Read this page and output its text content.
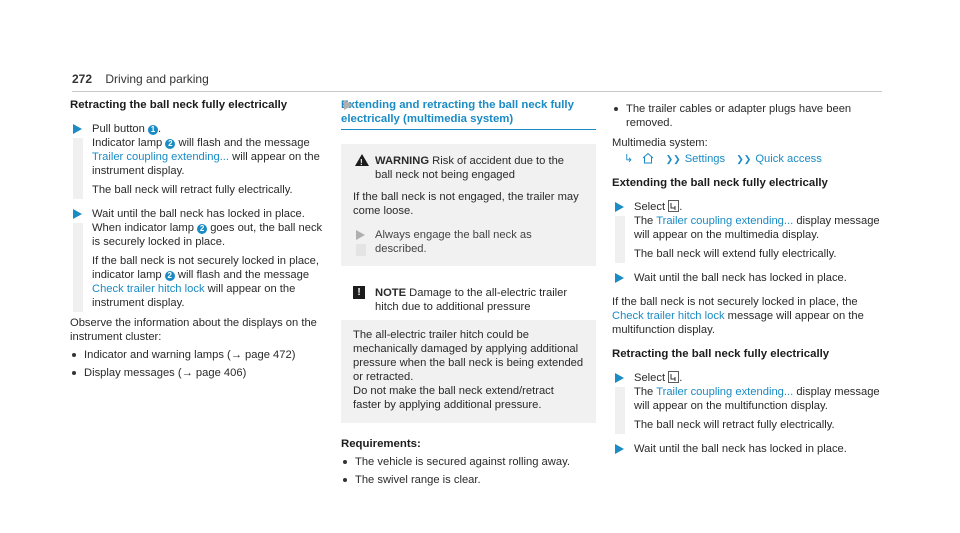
272 Driving and parking
Retracting the ball neck fully electrically

Pull button 1 .
Indicator lamp 2 will flash and the message Trailer coupling extending... will appear on the instrument display.

The ball neck will retract fully electrically.

Wait until the ball neck has locked in place. When indicator lamp 2 goes out, the ball neck is securely locked in place.

If the ball neck is not securely locked in place, indicator lamp 2 will flash and the message Check trailer hitch lock will appear on the instrument display.

Observe the information about the displays on the instrument cluster:

Indicator and warning lamps (→ page 472)
Display messages (→ page 406)
Extending and retracting the ball neck fully electrically (multimedia system)
!
WARNING Risk of accident due to the ball neck not being engaged
If the ball neck is not engaged, the trailer may come loose.
Always engage the ball neck as described.
!	NOTE Damage to the all-electric trailer hitch due to additional pressure
The all-electric trailer hitch could be mechanically damaged by applying additional pressure when the ball neck is being extended or retracted.
Do not make the ball neck extend/retract faster by applying additional pressure.
Requirements:
The vehicle is secured against rolling away.
The swivel range is clear.
The trailer cables or adapter plugs have been removed.

Multimedia system:

↳	❯❯ Settings ❯❯ Quick access
Extending the ball neck fully electrically

Select .
The Trailer coupling extending... display message will appear on the multimedia display.

The ball neck will extend fully electrically.

Wait until the ball neck has locked in place.

If the ball neck is not securely locked in place, the Check trailer hitch lock message will appear on the multifunction display.

Retracting the ball neck fully electrically

Select .
The Trailer coupling extending... display message will appear on the multifunction display.

The ball neck will retract fully electrically.

Wait until the ball neck has locked in place.
